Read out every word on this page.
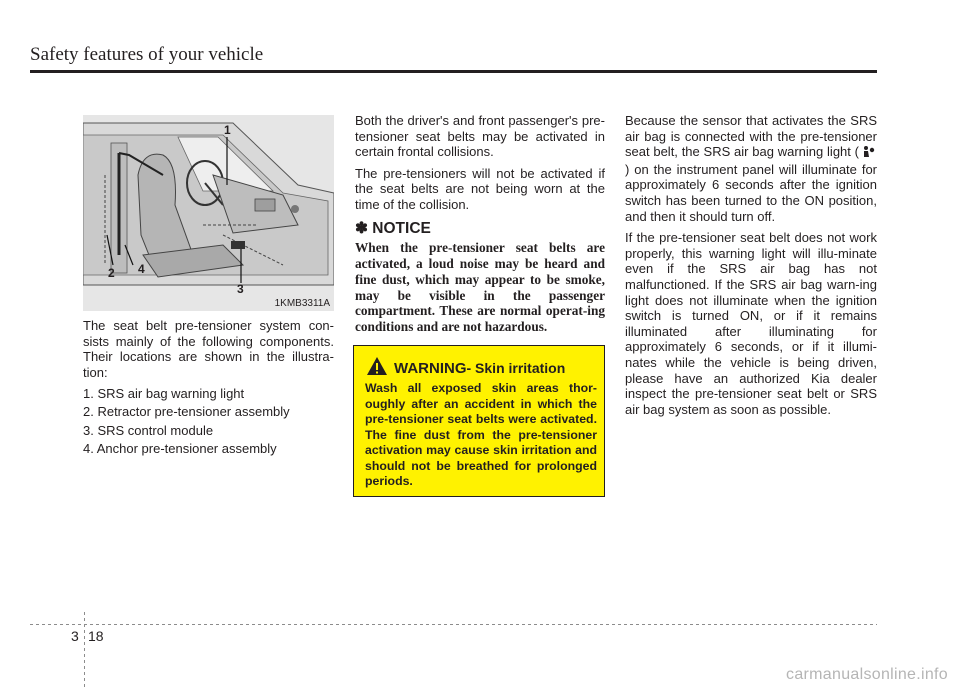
Safety features of your vehicle
1
2
3
4
1KMB3311A

The seat belt pre-tensioner system con-sists mainly of the following components. Their locations are shown in the illustra-tion:

1. SRS air bag warning light
2. Retractor pre-tensioner assembly
3. SRS control module
4. Anchor pre-tensioner assembly

Both the driver's and front passenger's pre-tensioner seat belts may be activated in certain frontal collisions.

The pre-tensioners will not be activated if the seat belts are not being worn at the time of the collision.

✽ NOTICE
When the pre-tensioner seat belts are activated, a loud noise may be heard and fine dust, which may appear to be smoke, may be visible in the passenger compartment. These are normal operat-ing conditions and are not hazardous.
WARNING - Skin irritation
Wash all exposed skin areas thor-oughly after an accident in which the pre-tensioner seat belts were activated. The fine dust from the pre-tensioner activation may cause skin irritation and should not be breathed for prolonged periods.

Because the sensor that activates the SRS air bag is connected with the pre-tensioner seat belt, the SRS air bag warning light () on the instrument panel will illuminate for approximately 6 seconds after the ignition switch has been turned to the ON position, and then it should turn off.

If the pre-tensioner seat belt does not work properly, this warning light will illu-minate even if the SRS air bag has not malfunctioned. If the SRS air bag warn-ing light does not illuminate when the ignition switch is turned ON, or if it remains illuminated after illuminating for approximately 6 seconds, or if it illumi-nates while the vehicle is being driven, please have an authorized Kia dealer inspect the pre-tensioner seat belt or SRS air bag system as soon as possible.

3 18
carmanualsonline.info
